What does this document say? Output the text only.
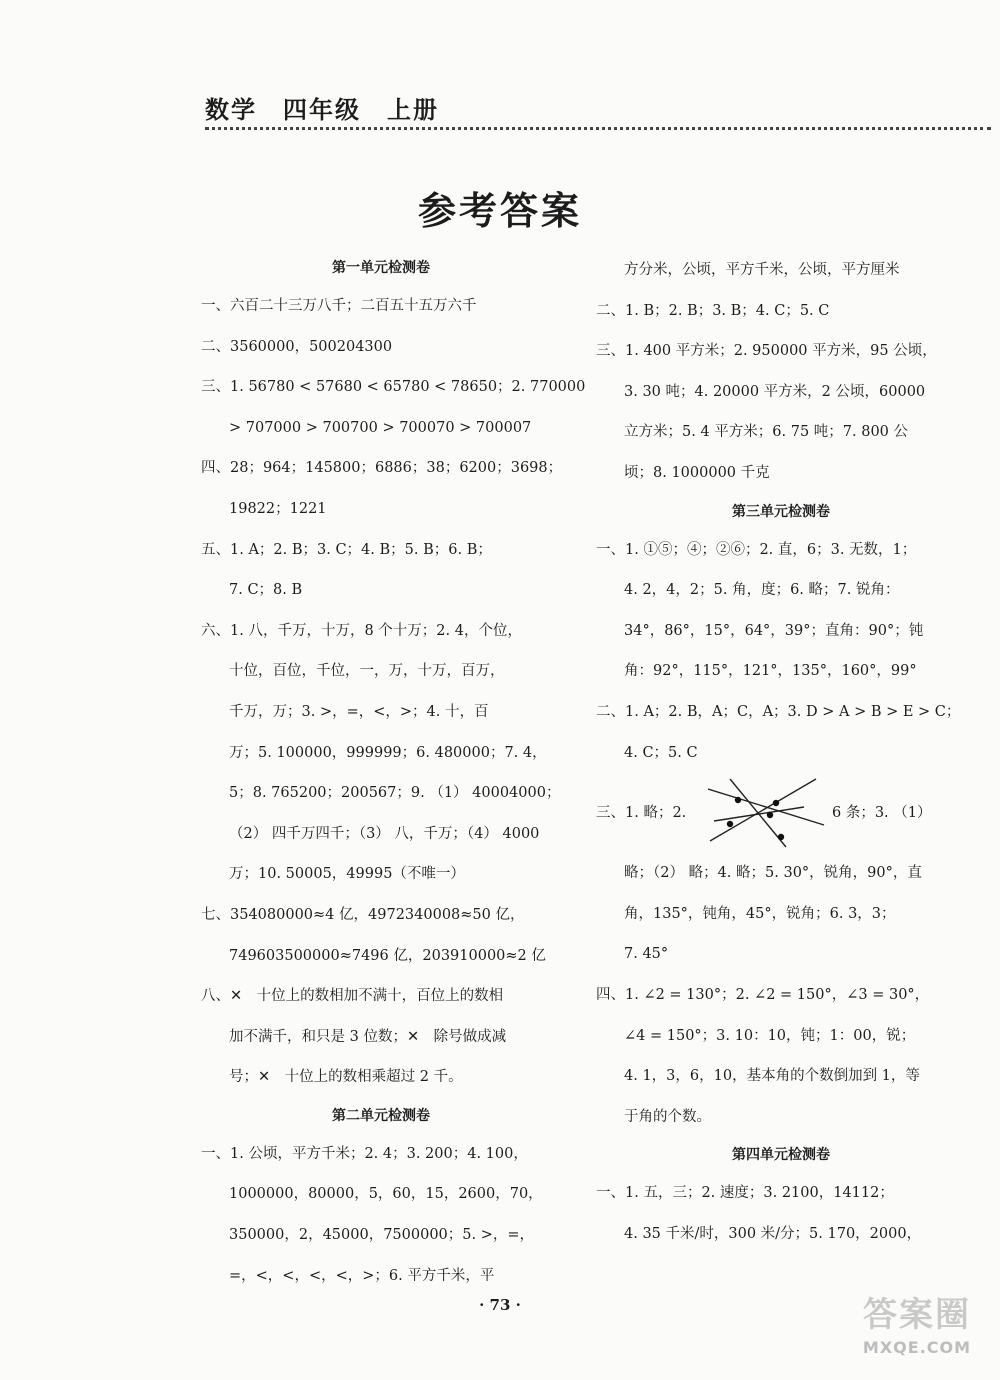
数学 四年级 上册
参考答案
第一单元检测卷
一、六百二十三万八千；二百五十五万六千
二、3560000，500204300
三、1. 56780 < 57680 < 65780 < 78650；2. 770000
> 707000 > 700700 > 700070 > 700007
四、28；964；145800；6886；38；6200；3698；
19822；1221
五、1. A；2. B；3. C；4. B；5. B；6. B；
7. C；8. B
六、1. 八，千万，十万，8 个十万；2. 4，个位，
十位，百位，千位，一，万，十万，百万，
千万，万；3. >，=，<，>；4. 十，百
万；5. 100000，999999；6. 480000；7. 4，
5；8. 765200；200567；9. （1） 40004000；
（2） 四千万四千；（3） 八，千万；（4） 4000
万；10. 50005，49995（不唯一）
七、354080000≈4 亿，4972340008≈50 亿，
749603500000≈7496 亿，203910000≈2 亿
八、✕　十位上的数相加不满十，百位上的数相
加不满千，和只是 3 位数；✕　除号做成减
号；✕　十位上的数相乘超过 2 千。
第二单元检测卷
一、1. 公顷，平方千米；2. 4；3. 200；4. 100，
1000000，80000，5，60，15，2600，70，
350000，2，45000，7500000；5. >，=，
=，<，<，<，<，>；6. 平方千米，平
方分米，公顷，平方千米，公顷，平方厘米
二、1. B；2. B；3. B；4. C；5. C
三、1. 400 平方米；2. 950000 平方米，95 公顷，
3. 30 吨；4. 20000 平方米，2 公顷，60000
立方米；5. 4 平方米；6. 75 吨；7. 800 公
顷；8. 1000000 千克
第三单元检测卷
一、1. ①⑤；④；②⑥；2. 直，6；3. 无数，1；
4. 2，4，2；5. 角，度；6. 略；7. 锐角：
34°，86°，15°，64°，39°；直角：90°；钝
角：92°，115°，121°，135°，160°，99°
二、1. A；2. B，A；C，A；3. D > A > B > E > C；
4. C；5. C
三、1. 略；2.	6 条；3. （1）
略；（2） 略；4. 略；5. 30°，锐角，90°，直
角，135°，钝角，45°，锐角；6. 3，3；
7. 45°
四、1. ∠2 = 130°；2. ∠2 = 150°，∠3 = 30°，
∠4 = 150°；3. 10：10，钝；1：00，锐；
4. 1，3，6，10，基本角的个数倒加到 1，等
于角的个数。
第四单元检测卷
一、1. 五，三；2. 速度；3. 2100，14112；
4. 35 千米/时，300 米/分；5. 170，2000，
· 73 ·	答案圈
MXQE.COM
